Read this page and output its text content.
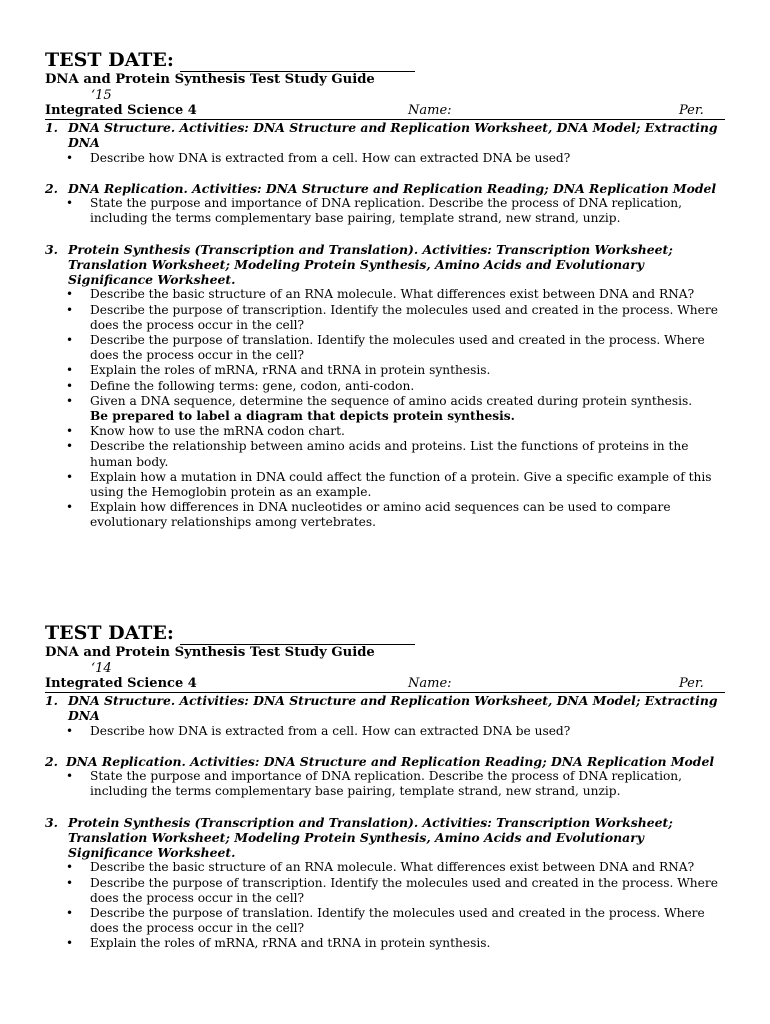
TEST DATE:
DNA and Protein Synthesis Test Study Guide
‘15
Integrated Science 4	Name:	Per.
1. DNA Structure. Activities: DNA Structure and Replication Worksheet, DNA Model; Extracting DNA
• Describe how DNA is extracted from a cell. How can extracted DNA be used?
2. DNA Replication. Activities: DNA Structure and Replication Reading; DNA Replication Model
• State the purpose and importance of DNA replication. Describe the process of DNA replication, including the terms complementary base pairing, template strand, new strand, unzip.
3. Protein Synthesis (Transcription and Translation). Activities: Transcription Worksheet; Translation Worksheet; Modeling Protein Synthesis, Amino Acids and Evolutionary Significance Worksheet.
• Describe the basic structure of an RNA molecule. What differences exist between DNA and RNA?
• Describe the purpose of transcription. Identify the molecules used and created in the process. Where does the process occur in the cell?
• Describe the purpose of translation. Identify the molecules used and created in the process. Where does the process occur in the cell?
• Explain the roles of mRNA, rRNA and tRNA in protein synthesis.
• Define the following terms: gene, codon, anti-codon.
• Given a DNA sequence, determine the sequence of amino acids created during protein synthesis.
Be prepared to label a diagram that depicts protein synthesis.
• Know how to use the mRNA codon chart.
• Describe the relationship between amino acids and proteins. List the functions of proteins in the human body.
• Explain how a mutation in DNA could affect the function of a protein. Give a specific example of this using the Hemoglobin protein as an example.
• Explain how differences in DNA nucleotides or amino acid sequences can be used to compare evolutionary relationships among vertebrates.
TEST DATE:
DNA and Protein Synthesis Test Study Guide
‘14
Integrated Science 4	Name:	Per.
1. DNA Structure. Activities: DNA Structure and Replication Worksheet, DNA Model; Extracting DNA
• Describe how DNA is extracted from a cell. How can extracted DNA be used?
2. DNA Replication. Activities: DNA Structure and Replication Reading; DNA Replication Model
• State the purpose and importance of DNA replication. Describe the process of DNA replication, including the terms complementary base pairing, template strand, new strand, unzip.
3. Protein Synthesis (Transcription and Translation). Activities: Transcription Worksheet; Translation Worksheet; Modeling Protein Synthesis, Amino Acids and Evolutionary Significance Worksheet.
• Describe the basic structure of an RNA molecule. What differences exist between DNA and RNA?
• Describe the purpose of transcription. Identify the molecules used and created in the process. Where does the process occur in the cell?
• Describe the purpose of translation. Identify the molecules used and created in the process. Where does the process occur in the cell?
• Explain the roles of mRNA, rRNA and tRNA in protein synthesis.
